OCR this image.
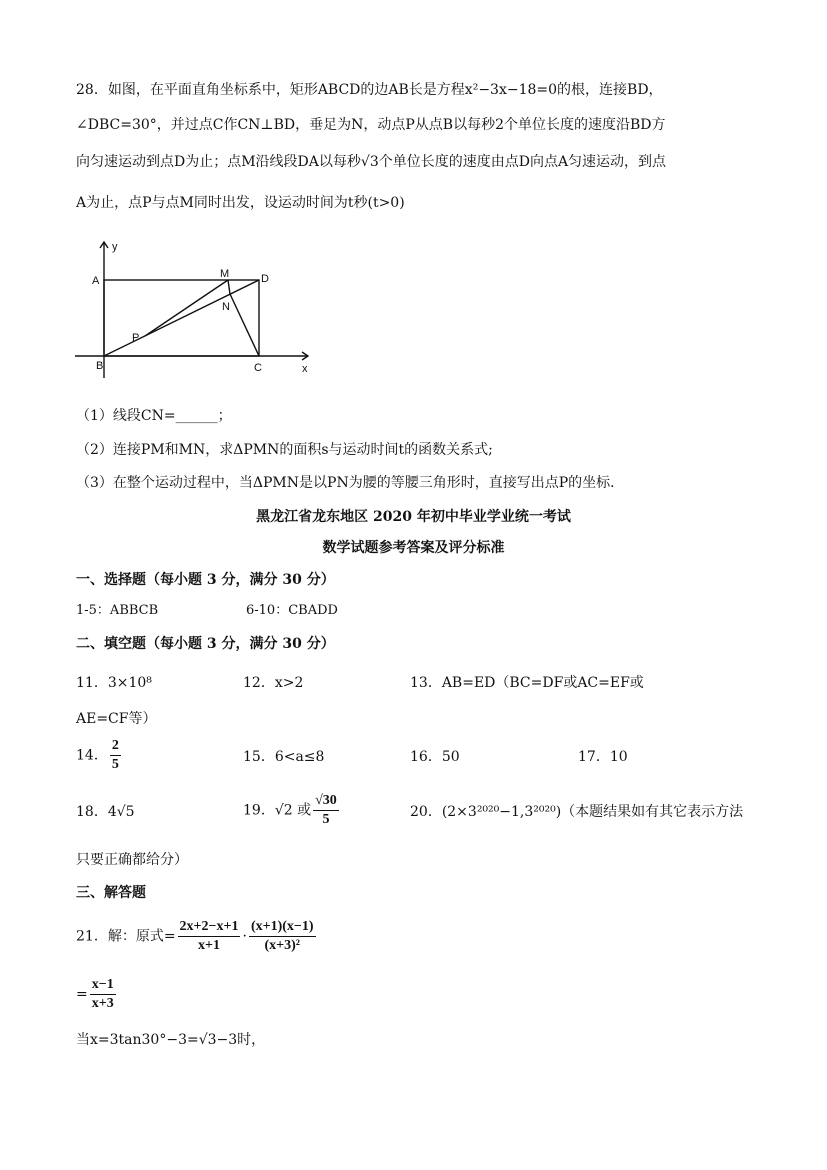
28．如图，在平面直角坐标系中，矩形ABCD的边AB长是方程x²−3x−18=0的根，连接BD，
∠DBC=30°，并过点C作CN⊥BD，垂足为N，动点P从点B以每秒2个单位长度的速度沿BD方
向匀速运动到点D为止；点M沿线段DA以每秒√3个单位长度的速度由点D向点A匀速运动，到点
A为止，点P与点M同时出发，设运动时间为t秒(t>0)
y
x
A
B	C
D
M
N
P
（1）线段CN=______；
（2）连接PM和MN，求ΔPMN的面积s与运动时间t的函数关系式;
（3）在整个运动过程中，当ΔPMN是以PN为腰的等腰三角形时，直接写出点P的坐标．
黑龙江省龙东地区 2020 年初中毕业学业统一考试
数学试题参考答案及评分标准
一、选择题（每小题 3 分，满分 30 分）
1-5：ABBCB	6-10：CBADD
二、填空题（每小题 3 分，满分 30 分）
11．3×10⁸	12．x>2	13．AB=ED（BC=DF或AC=EF或
AE=CF等）
14． $\frac{2}{5}$	15．6<a≤8	16．50	17．10
18．4√5	19．√2 或 $\frac{√30}{5}$	20．(2×3²⁰²⁰−1,3²⁰²⁰)（本题结果如有其它表示方法
只要正确都给分）
三、解答题
21．解：原式= $\frac{2x+2-x+1}{x+1} \cdot \frac{(x+1)(x-1)}{\text{(x+3)²}}$
= $\frac{x-1}{x+3}$
当x=3tan30°−3=√3−3时，
